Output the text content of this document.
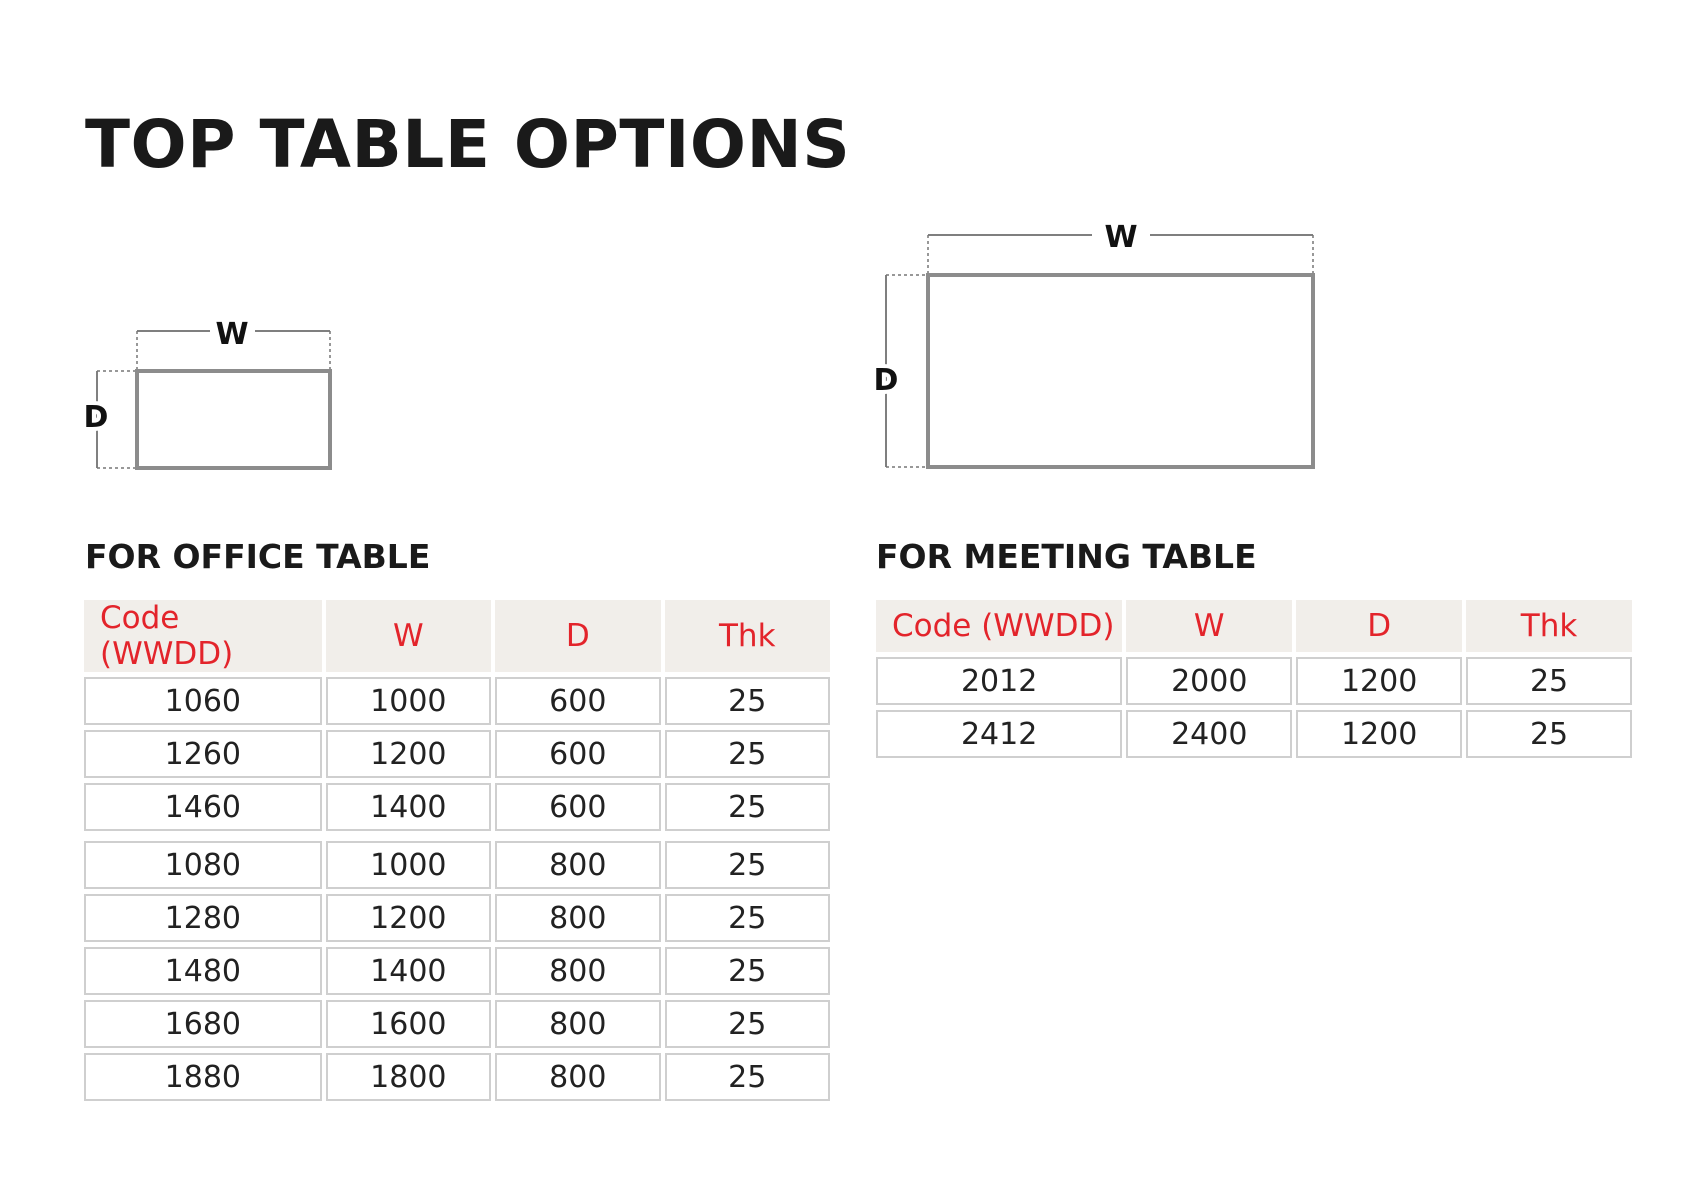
TOP TABLE OPTIONS
W
D
W
D
FOR OFFICE TABLE
Code (WWDD)	W	D	Thk

1060	1000	600	25

1260	1200	600	25

1460	1400	600	25

1080	1000	800	25

1280	1200	800	25

1480	1400	800	25

1680	1600	800	25

1880	1800	800	25
FOR MEETING TABLE
Code (WWDD)	W	D	Thk

2012	2000	1200	25

2412	2400	1200	25
